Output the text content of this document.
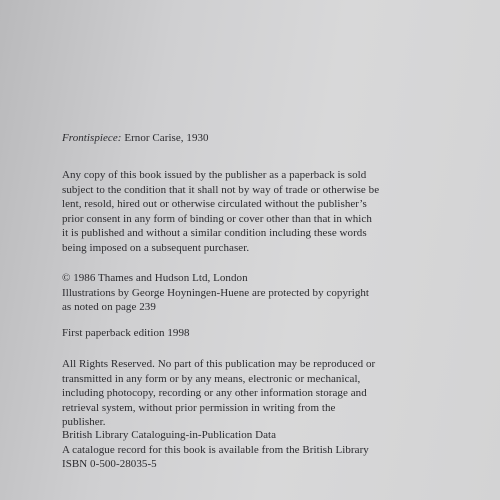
Frontispiece: Ernor Carise, 1930
Any copy of this book issued by the publisher as a paperback is sold
subject to the condition that it shall not by way of trade or otherwise be
lent, resold, hired out or otherwise circulated without the publisher’s
prior consent in any form of binding or cover other than that in which
it is published and without a similar condition including these words
being imposed on a subsequent purchaser.
© 1986 Thames and Hudson Ltd, London
Illustrations by George Hoyningen-Huene are protected by copyright
as noted on page 239
First paperback edition 1998
All Rights Reserved. No part of this publication may be reproduced or
transmitted in any form or by any means, electronic or mechanical,
including photocopy, recording or any other information storage and
retrieval system, without prior permission in writing from the
publisher.
British Library Cataloguing-in-Publication Data
A catalogue record for this book is available from the British Library
ISBN 0-500-28035-5
